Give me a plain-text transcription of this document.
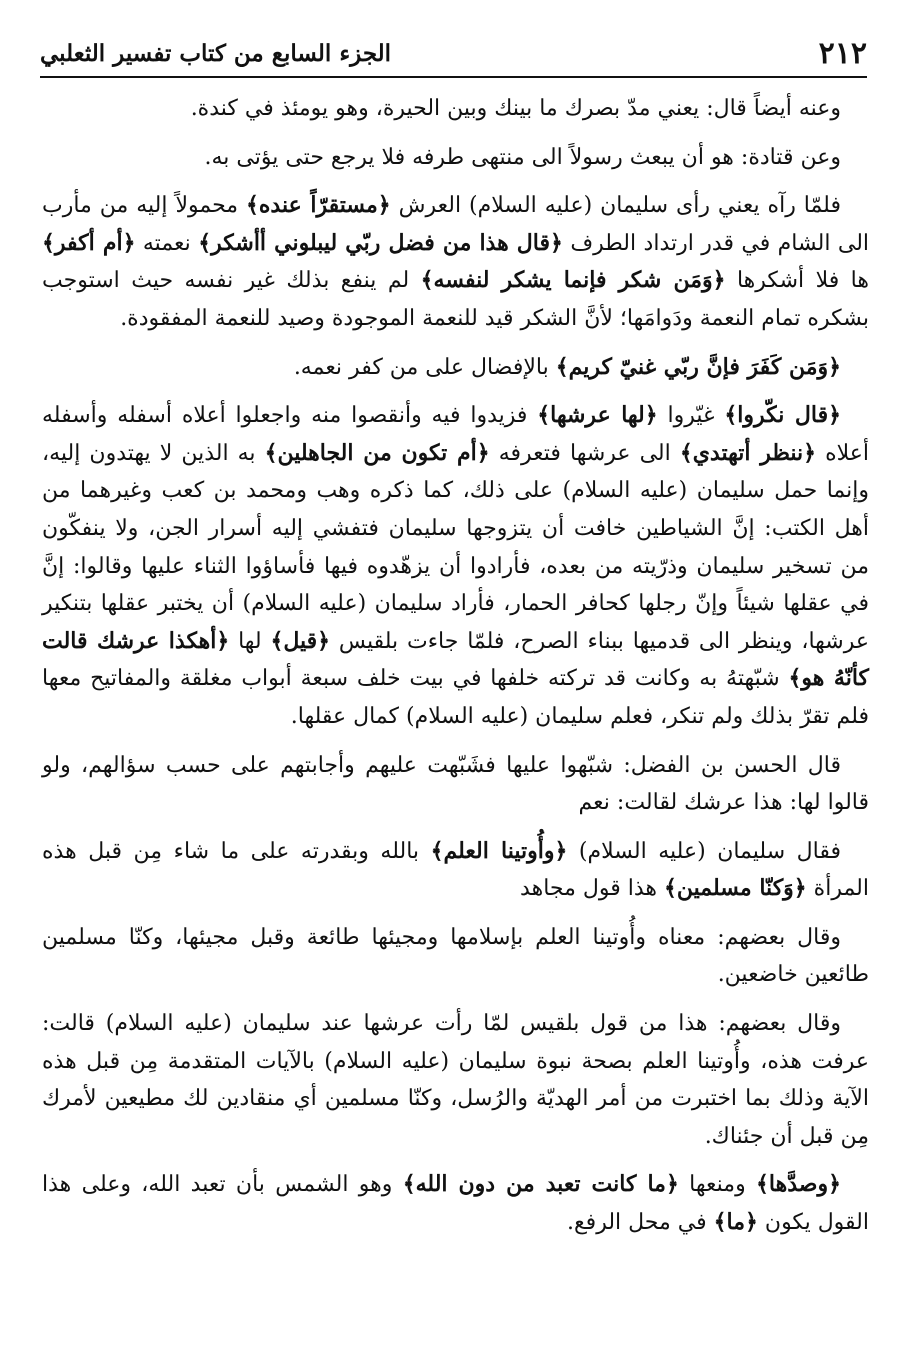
٢١٢
الجزء السابع من كتاب تفسير الثعلبي

وعنه أيضاً قال: يعني مدّ بصرك ما بينك وبين الحيرة، وهو يومئذ في كندة.

وعن قتادة: هو أن يبعث رسولاً الى منتهى طرفه فلا يرجع حتى يؤتى به.

فلمّا رآه يعني رأى سليمان (عليه السلام) العرش ﴿مستقرّاً عنده﴾ محمولاً إليه من مأرب الى الشام في قدر ارتداد الطرف ﴿قال هذا من فضل ربّي ليبلوني أأشكر﴾ نعمته ﴿أم أكفر﴾ها فلا أشكرها ﴿وَمَن شكر فإنما يشكر لنفسه﴾ لم ينفع بذلك غير نفسه حيث استوجب بشكره تمام النعمة ودَوامَها؛ لأنَّ الشكر قيد للنعمة الموجودة وصيد للنعمة المفقودة.

﴿وَمَن كَفَرَ فإنَّ ربّي غنيّ كريم﴾ بالإفضال على من كفر نعمه.

﴿قال نكّروا﴾ غيّروا ﴿لها عرشها﴾ فزيدوا فيه وأنقصوا منه واجعلوا أعلاه أسفله وأسفله أعلاه ﴿ننظر أتهتدي﴾ الى عرشها فتعرفه ﴿أم تكون من الجاهلين﴾ به الذين لا يهتدون إليه، وإنما حمل سليمان (عليه السلام) على ذلك، كما ذكره وهب ومحمد بن كعب وغيرهما من أهل الكتب: إنَّ الشياطين خافت أن يتزوجها سليمان فتفشي إليه أسرار الجن، ولا ينفكّون من تسخير سليمان وذرّيته من بعده، فأرادوا أن يزهّدوه فيها فأساؤوا الثناء عليها وقالوا: إنَّ في عقلها شيئاً وإنّ رجلها كحافر الحمار، فأراد سليمان (عليه السلام) أن يختبر عقلها بتنكير عرشها، وينظر الى قدميها ببناء الصرح، فلمّا جاءت بلقيس ﴿قيل﴾ لها ﴿أهكذا عرشك قالت كأنّهُ هو﴾ شبّهتهُ به وكانت قد تركته خلفها في بيت خلف سبعة أبواب مغلقة والمفاتيح معها فلم تقرّ بذلك ولم تنكر، فعلم سليمان (عليه السلام) كمال عقلها.

قال الحسن بن الفضل: شبّهوا عليها فشَبّهت عليهم وأجابتهم على حسب سؤالهم، ولو قالوا لها: هذا عرشك لقالت: نعم

فقال سليمان (عليه السلام) ﴿وأُوتينا العلم﴾ بالله وبقدرته على ما شاء مِن قبل هذه المرأة ﴿وَكنّا مسلمين﴾ هذا قول مجاهد

وقال بعضهم: معناه وأُوتينا العلم بإسلامها ومجيئها طائعة وقبل مجيئها، وكنّا مسلمين طائعين خاضعين.

وقال بعضهم: هذا من قول بلقيس لمّا رأت عرشها عند سليمان (عليه السلام) قالت: عرفت هذه، وأُوتينا العلم بصحة نبوة سليمان (عليه السلام) بالآيات المتقدمة مِن قبل هذه الآية وذلك بما اختبرت من أمر الهديّة والرُسل، وكنّا مسلمين أي منقادين لك مطيعين لأمرك مِن قبل أن جئناك.

﴿وصدَّها﴾ ومنعها ﴿ما كانت تعبد من دون الله﴾ وهو الشمس بأن تعبد الله، وعلى هذا القول يكون ﴿ما﴾ في محل الرفع.
